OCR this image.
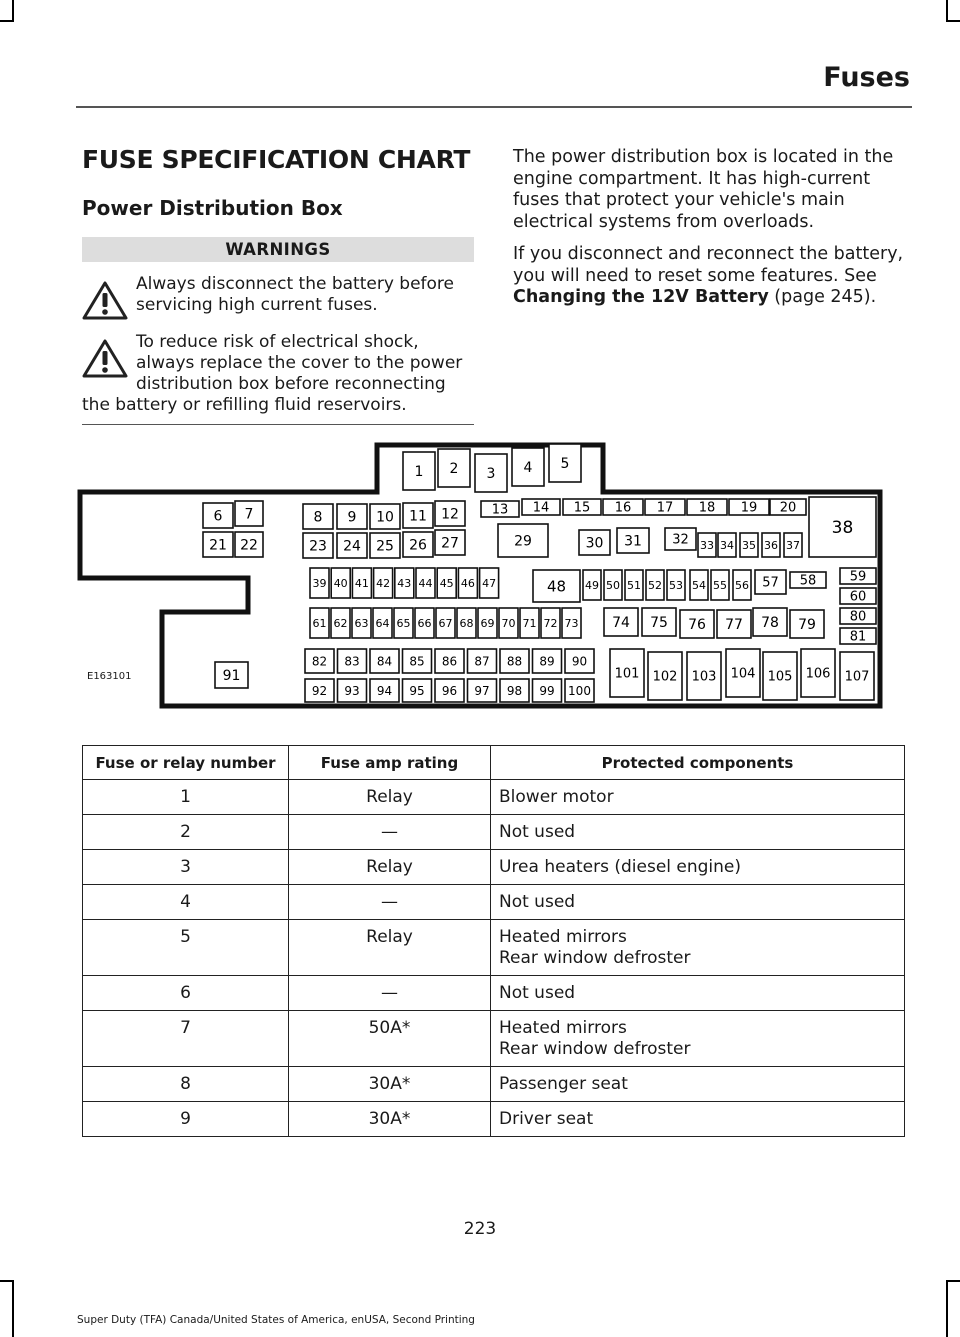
Fuses
FUSE SPECIFICATION CHART
Power Distribution Box
WARNINGS
Always disconnect the battery before servicing high current fuses.
To reduce risk of electrical shock, always replace the cover to the power distribution box before reconnecting the battery or refilling fluid reservoirs.

The power distribution box is located in the engine compartment. It has high-current fuses that protect your vehicle's main electrical systems from overloads.

If you disconnect and reconnect the battery, you will need to reset some features. See Changing the 12V Battery (page 245).

1 2 3 4 5
13 14 15 16 17 18 19 20
6 7
21 22
8 9 10 11 12
23 24 25 26 27	29	30 31 32 33 34 35 36 37
38
39 40 41 42 43 44 45 46 47	48 49 50 51 52 53 54 55 56 57 58	59
60
80
81
61 62 63 64 65 66 67 68 69 70 71 72 73 74 75 76 77 78 79
82 83 84 85 86 87 88 89 90
92 93 94 95 96 97 98 99 100
91	101 102 103 104 105 106 107
E163101
Fuse or relay number	Fuse amp rating	Protected components
1	Relay	Blower motor

2	—	Not used

3	Relay	Urea heaters (diesel engine)

4	—	Not used

5	Relay	Heated mirrors
Rear window defroster

6	—	Not used

7	50A*	Heated mirrors
Rear window defroster

8	30A*	Passenger seat

9	30A*	Driver seat
223
Super Duty (TFA) Canada/United States of America, enUSA, Second Printing
